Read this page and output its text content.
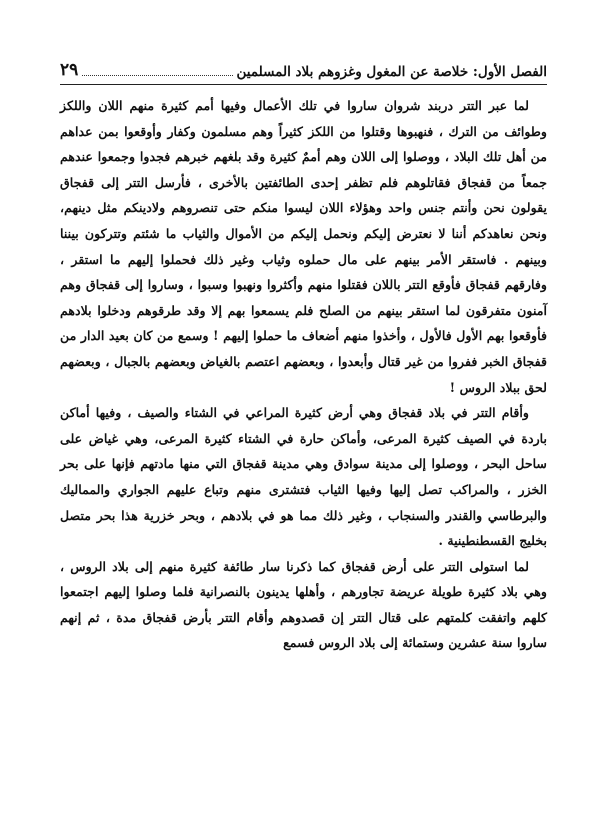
الفصل الأول: خلاصة عن المغول وغزوهم بلاد المسلمين
٢٩

لما عبر التتر دربند شروان ساروا في تلك الأعمال وفيها أمم كثيرة منهم اللان واللكز وطوائف من الترك ، فنهبوها وقتلوا من اللكز كثيراً وهم مسلمون وكفار وأوقعوا بمن عداهم من أهل تلك البلاد ، ووصلوا إلى اللان وهم أممٌ كثيرة وقد بلغهم خبرهم فجدوا وجمعوا عندهم جمعاً من قفجاق فقاتلوهم فلم تظفر إحدى الطائفتين بالأخرى ، فأرسل التتر إلى قفجاق يقولون نحن وأنتم جنس واحد وهؤلاء اللان ليسوا منكم حتى تنصروهم ولادينكم مثل دينهم، ونحن نعاهدكم أننا لا نعترض إليكم ونحمل إليكم من الأموال والثياب ما شئتم وتتركون بيننا وبينهم . فاستقر الأمر بينهم على مال حملوه وثياب وغير ذلك فحملوا إليهم ما استقر ، وفارقهم قفجاق فأوقع التتر باللان فقتلوا منهم وأكثروا ونهبوا وسبوا ، وساروا إلى قفجاق وهم آمنون متفرقون لما استقر بينهم من الصلح فلم يسمعوا بهم إلا وقد طرقوهم ودخلوا بلادهم فأوقعوا بهم الأول فالأول ، وأخذوا منهم أضعاف ما حملوا إليهم ! وسمع من كان بعيد الدار من قفجاق الخبر ففروا من غير قتال وأبعدوا ، وبعضهم اعتصم بالغياض وبعضهم بالجبال ، وبعضهم لحق ببلاد الروس !

وأقام التتر في بلاد قفجاق وهي أرض كثيرة المراعي في الشتاء والصيف ، وفيها أماكن باردة في الصيف كثيرة المرعى، وأماكن حارة في الشتاء كثيرة المرعى، وهي غياض على ساحل البحر ، ووصلوا إلى مدينة سوادق وهي مدينة قفجاق التي منها مادتهم فإنها على بحر الخزر ، والمراكب تصل إليها وفيها الثياب فتشترى منهم وتباع عليهم الجواري والمماليك والبرطاسي والقندر والسنجاب ، وغير ذلك مما هو في بلادهم ، وبحر خزرية هذا بحر متصل بخليج القسطنطينية .

لما استولى التتر على أرض قفجاق كما ذكرنا سار طائفة كثيرة منهم إلى بلاد الروس ، وهي بلاد كثيرة طويلة عريضة تجاورهم ، وأهلها يدينون بالنصرانية فلما وصلوا إليهم اجتمعوا كلهم واتفقت كلمتهم على قتال التتر إن قصدوهم وأقام التتر بأرض قفجاق مدة ، ثم إنهم ساروا سنة عشرين وستمائة إلى بلاد الروس فسمع
